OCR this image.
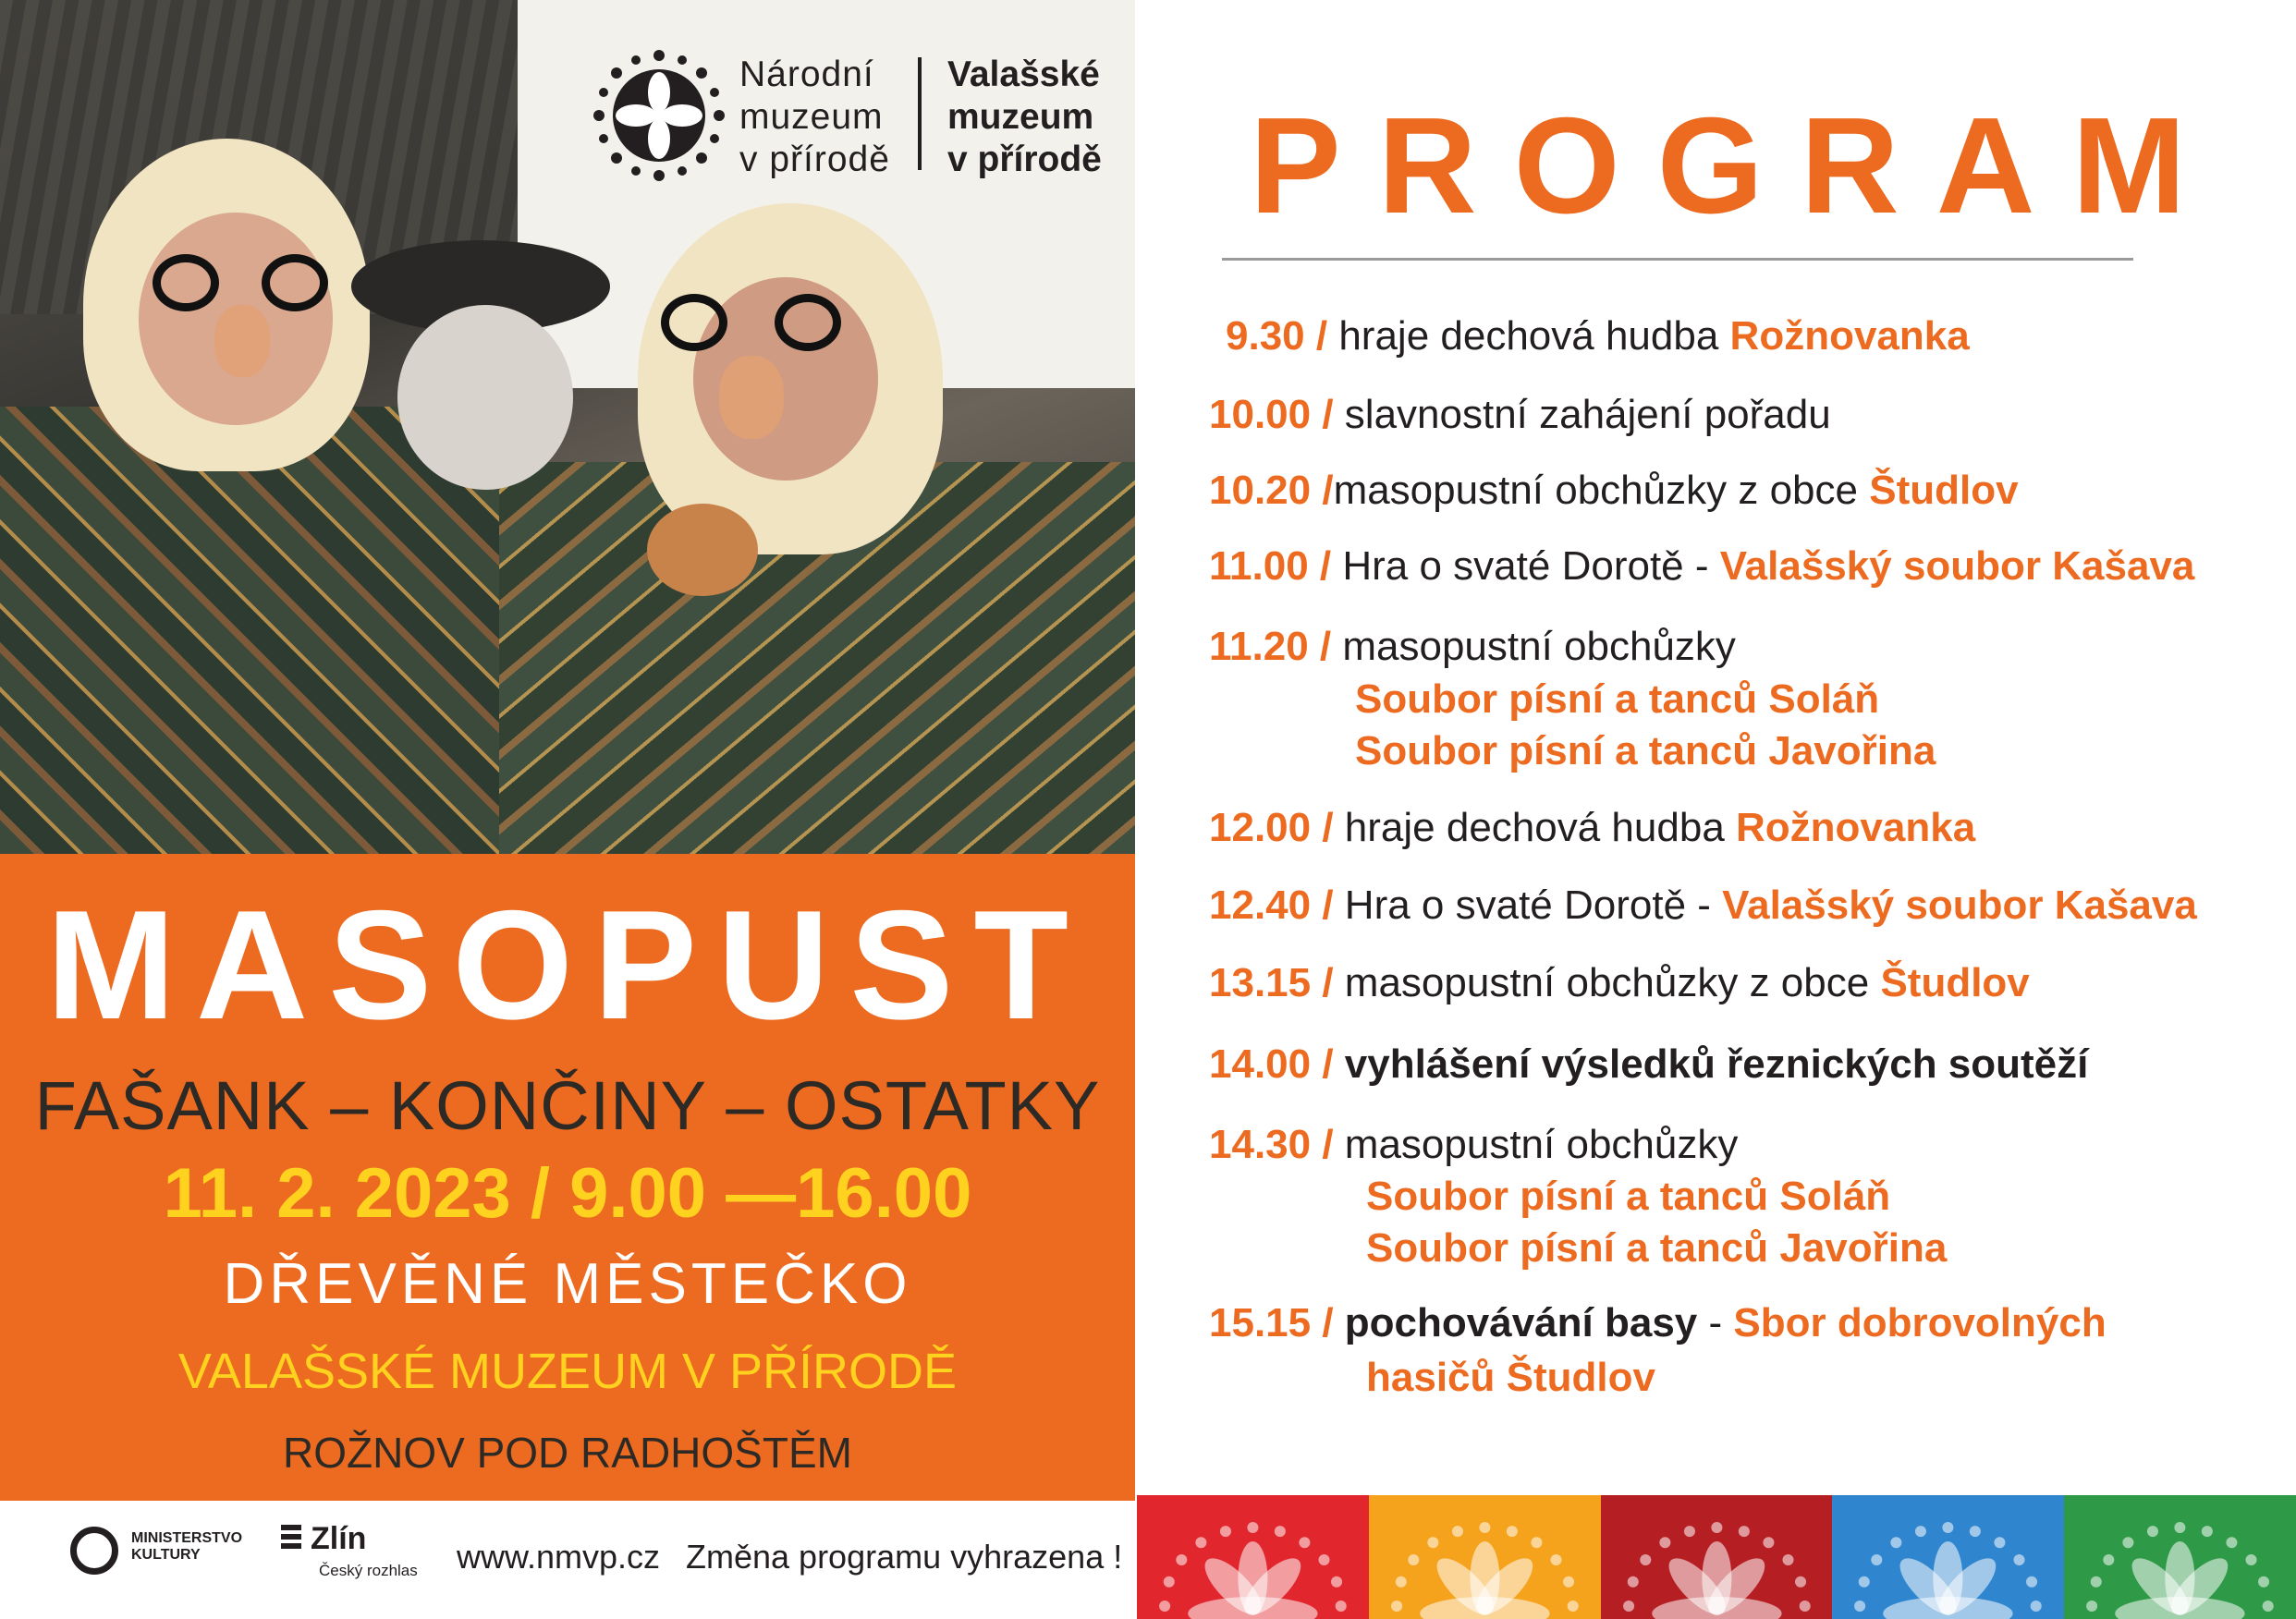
Národní
muzeum
v přírodě
Valašské
muzeum
v přírodě
MASOPUST
FAŠANK – KONČINY – OSTATKY
11. 2. 2023 / 9.00 —16.00
DŘEVĚNÉ MĚSTEČKO
VALAŠSKÉ MUZEUM V PŘÍRODĚ
ROŽNOV POD RADHOŠTĚM
MINISTERSTVO
KULTURY	Zlín
Český rozhlas www.nmvp.cz Změna programu vyhrazena !
PROGRAM
9.30 / hraje dechová hudba Rožnovanka
10.00 / slavnostní zahájení pořadu
10.20 /masopustní obchůzky z obce Študlov
11.00 / Hra o svaté Dorotě - Valašský soubor Kašava
11.20 / masopustní obchůzky
Soubor písní a tanců Soláň
Soubor písní a tanců Javořina
12.00 / hraje dechová hudba Rožnovanka
12.40 / Hra o svaté Dorotě - Valašský soubor Kašava
13.15 / masopustní obchůzky z obce Študlov
14.00 / vyhlášení výsledků řeznických soutěží
14.30 / masopustní obchůzky
Soubor písní a tanců Soláň
Soubor písní a tanců Javořina
15.15 / pochovávání basy - Sbor dobrovolných
hasičů Študlov
